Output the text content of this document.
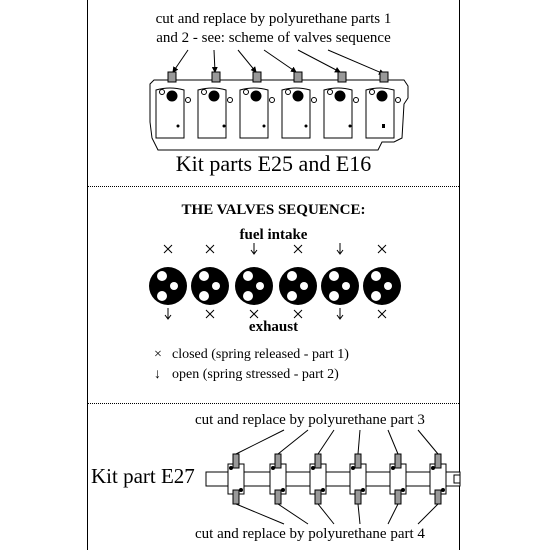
cut and replace by polyurethane parts 1
and 2 - see: scheme of valves sequence
Kit parts E25 and E16
THE VALVES SEQUENCE:
fuel intake
exhaust
× closed (spring released - part 1)
↓ open (spring stressed - part 2)
cut and replace by polyurethane part 3
cut and replace by polyurethane part 4
Kit part E27
